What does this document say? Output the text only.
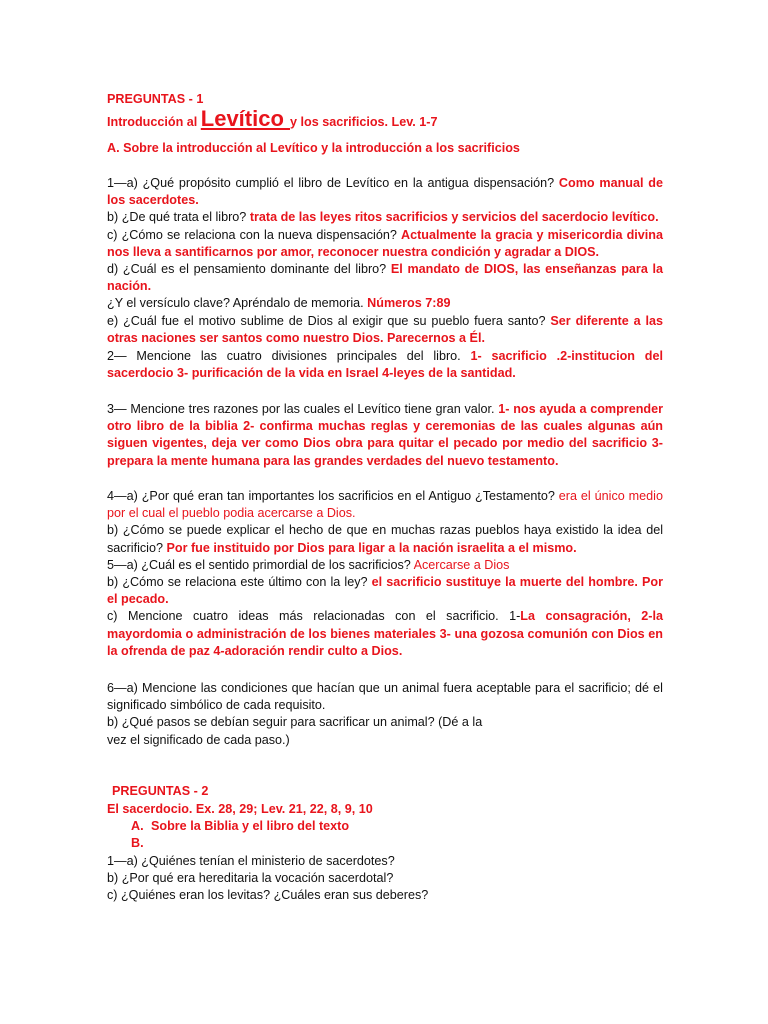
PREGUNTAS - 1

Introducción al Levítico y los sacrificios. Lev. 1-7

A. Sobre la introducción al Levítico y la introducción a los sacrificios

1—a) ¿Qué propósito cumplió el libro de Levítico en la antigua dispensación? Como manual de los sacerdotes.

b) ¿De qué trata el libro? trata de las leyes ritos sacrificios y servicios del sacerdocio levítico.

c) ¿Cómo se relaciona con la nueva dispensación? Actualmente la gracia y misericordia divina nos lleva a santificarnos por amor, reconocer nuestra condición y agradar a DIOS.

d) ¿Cuál es el pensamiento dominante del libro? El mandato de DIOS, las enseñanzas para la nación.

¿Y el versículo clave? Apréndalo de memoria. Números 7:89

e) ¿Cuál fue el motivo sublime de Dios al exigir que su pueblo fuera santo? Ser diferente a las otras naciones ser santos como nuestro Dios. Parecernos a Él.

2— Mencione las cuatro divisiones principales del libro. 1- sacrificio .2-institucion del sacerdocio 3- purificación de la vida en Israel 4-leyes de la santidad.

3— Mencione tres razones por las cuales el Levítico tiene gran valor. 1- nos ayuda a comprender otro libro de la biblia 2- confirma muchas reglas y ceremonias de las cuales algunas aún siguen vigentes, deja ver como Dios obra para quitar el pecado por medio del sacrificio 3- prepara la mente humana para las grandes verdades del nuevo testamento.

4—a) ¿Por qué eran tan importantes los sacrificios en el Antiguo ¿Testamento? era el único medio por el cual el pueblo podia acercarse a Dios.

b) ¿Cómo se puede explicar el hecho de que en muchas razas pueblos haya existido la idea del sacrificio? Por fue instituido por Dios para ligar a la nación israelita a el mismo.

5—a) ¿Cuál es el sentido primordial de los sacrificios? Acercarse a Dios

b) ¿Cómo se relaciona este último con la ley? el sacrificio sustituye la muerte del hombre. Por el pecado.

c) Mencione cuatro ideas más relacionadas con el sacrificio. 1-La consagración, 2-la mayordomia o administración de los bienes materiales 3- una gozosa comunión con Dios en la ofrenda de paz 4-adoración rendir culto a Dios.

6—a) Mencione las condiciones que hacían que un animal fuera aceptable para el sacrificio; dé el significado simbólico de cada requisito.

b) ¿Qué pasos se debían seguir para sacrificar un animal? (Dé a la

vez el significado de cada paso.)

PREGUNTAS - 2

El sacerdocio. Ex. 28, 29; Lev. 21, 22, 8, 9, 10

A. Sobre la Biblia y el libro del texto

B.

1—a) ¿Quiénes tenían el ministerio de sacerdotes?

b) ¿Por qué era hereditaria la vocación sacerdotal?

c) ¿Quiénes eran los levitas? ¿Cuáles eran sus deberes?
